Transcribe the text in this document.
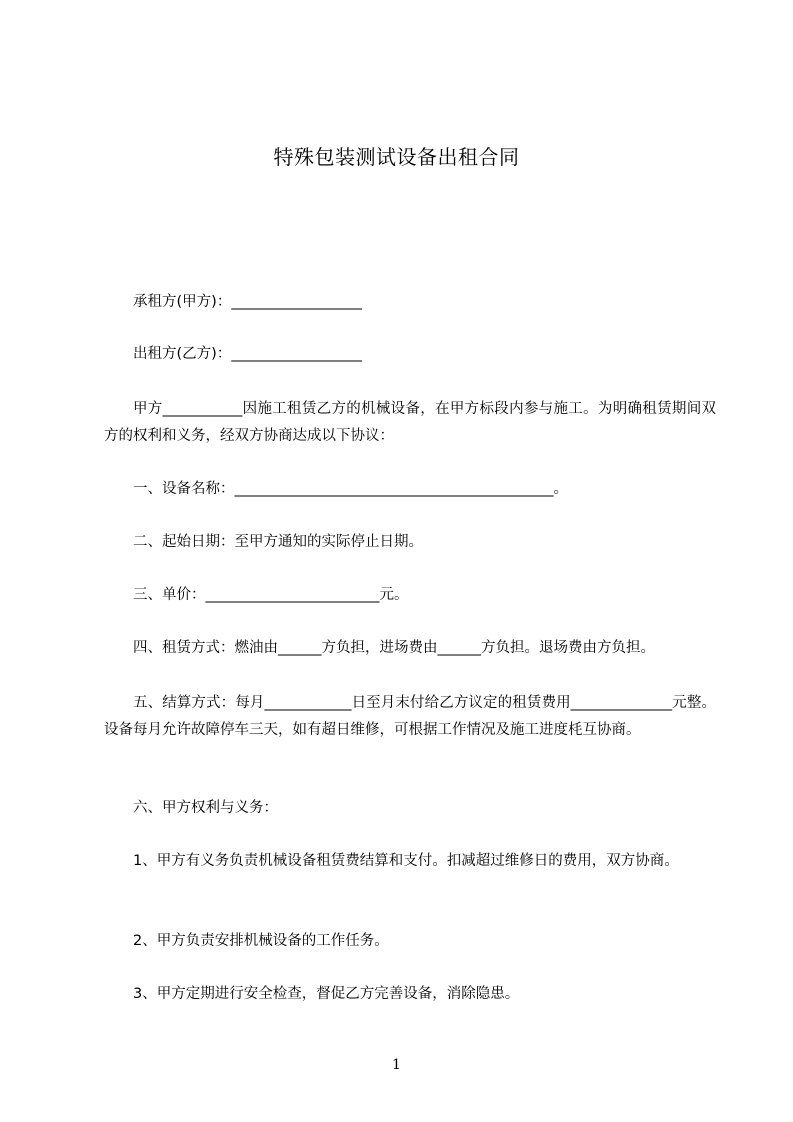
特殊包装测试设备出租合同
承租方(甲方)：__________________
出租方(乙方)：__________________
甲方___________因施工租赁乙方的机械设备，在甲方标段内参与施工。为明确租赁期间双方的权利和义务，经双方协商达成以下协议：
一、设备名称：____________________________________________。
二、起始日期：至甲方通知的实际停止日期。
三、单价：________________________元。
四、租赁方式：燃油由______方负担，进场费由______方负担。退场费由方负担。
五、结算方式：每月____________日至月末付给乙方议定的租赁费用______________元整。设备每月允许故障停车三天，如有超日维修，可根据工作情况及施工进度枆互协商。
六、甲方权利与义务：
1、甲方有义务负责机械设备租赁费结算和支付。扣减超过维修日的费用，双方协商。
2、甲方负责安排机械设备的工作任务。
3、甲方定期进行安全检查，督促乙方完善设备，消除隐患。
1
